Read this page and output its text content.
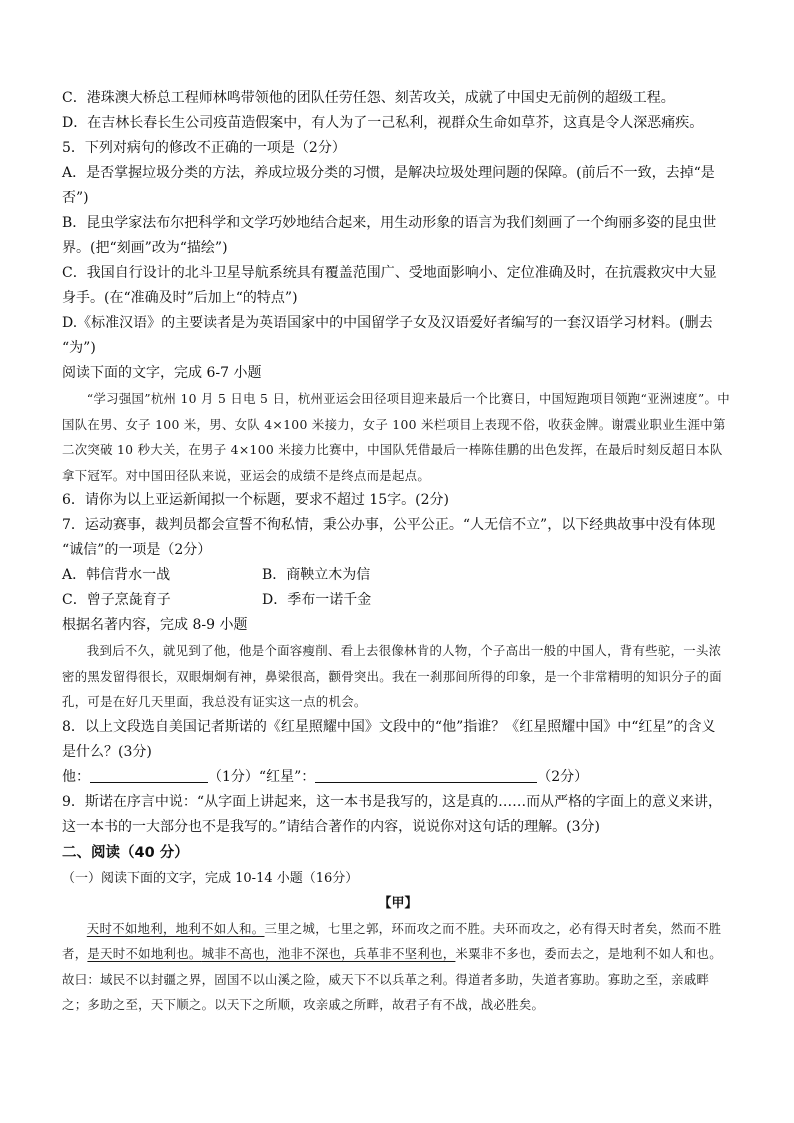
C．港珠澳大桥总工程师林鸣带领他的团队任劳任怨、刻苦攻关，成就了中国史无前例的超级工程。
D．在吉林长春长生公司疫苗造假案中，有人为了一己私利，视群众生命如草芥，这真是令人深恶痛疾。
5．下列对病句的修改不正确的一项是（2分）
A．是否掌握垃圾分类的方法，养成垃圾分类的习惯，是解决垃圾处理问题的保障。(前后不一致，去掉“是
否”)
B．昆虫学家法布尔把科学和文学巧妙地结合起来，用生动形象的语言为我们刻画了一个绚丽多姿的昆虫世
界。(把“刻画”改为“描绘”)
C．我国自行设计的北斗卫星导航系统具有覆盖范围广、受地面影响小、定位准确及时，在抗震救灾中大显
身手。(在“准确及时”后加上“的特点”)
D.《标准汉语》的主要读者是为英语国家中的中国留学子女及汉语爱好者编写的一套汉语学习材料。(删去
“为”)
阅读下面的文字，完成 6-7 小题

“学习强国”杭州 10 月 5 日电 5 日，杭州亚运会田径项目迎来最后一个比赛日，中国短跑项目领跑“亚洲速度”。中国队在男、女子 100 米，男、女队 4×100 米接力，女子 100 米栏项目上表现不俗，收获金牌。谢震业职业生涯中第二次突破 10 秒大关，在男子 4×100 米接力比赛中，中国队凭借最后一棒陈佳鹏的出色发挥，在最后时刻反超日本队拿下冠军。对中国田径队来说，亚运会的成绩不是终点而是起点。

6．请你为以上亚运新闻拟一个标题，要求不超过 15字。(2分)
7．运动赛事，裁判员都会宣誓不徇私情，秉公办事，公平公正。“人无信不立”，以下经典故事中没有体现
“诚信”的一项是（2分）
A．韩信背水一战	B．商鞅立木为信
C．曾子烹彘育子	D．季布一诺千金
根据名著内容，完成 8-9 小题

我到后不久，就见到了他，他是个面容瘦削、看上去很像林肯的人物，个子高出一般的中国人，背有些驼，一头浓密的黑发留得很长，双眼炯炯有神，鼻梁很高，颧骨突出。我在一刹那间所得的印象，是一个非常精明的知识分子的面孔，可是在好几天里面，我总没有证实这一点的机会。

8．以上文段选自美国记者斯诺的《红星照耀中国》文段中的“他”指谁？《红星照耀中国》中“红星”的含义
是什么？(3分)
他：	（1分）“红星”：	（2分）
9．斯诺在序言中说：“从字面上讲起来，这一本书是我写的，这是真的……而从严格的字面上的意义来讲，
这一本书的一大部分也不是我写的。”请结合著作的内容，说说你对这句话的理解。(3分)
二、阅读（40 分）
（一）阅读下面的文字，完成 10-14 小题（16分）
【甲】

天时不如地利，地利不如人和。三里之城，七里之郭，环而攻之而不胜。夫环而攻之，必有得天时者矣，然而不胜者，是天时不如地利也。城非不高也，池非不深也，兵革非不坚利也，米粟非不多也，委而去之，是地利不如人和也。故曰：域民不以封疆之界，固国不以山溪之险，威天下不以兵革之利。得道者多助，失道者寡助。寡助之至，亲戚畔之；多助之至，天下顺之。以天下之所顺，攻亲戚之所畔，故君子有不战，战必胜矣。
